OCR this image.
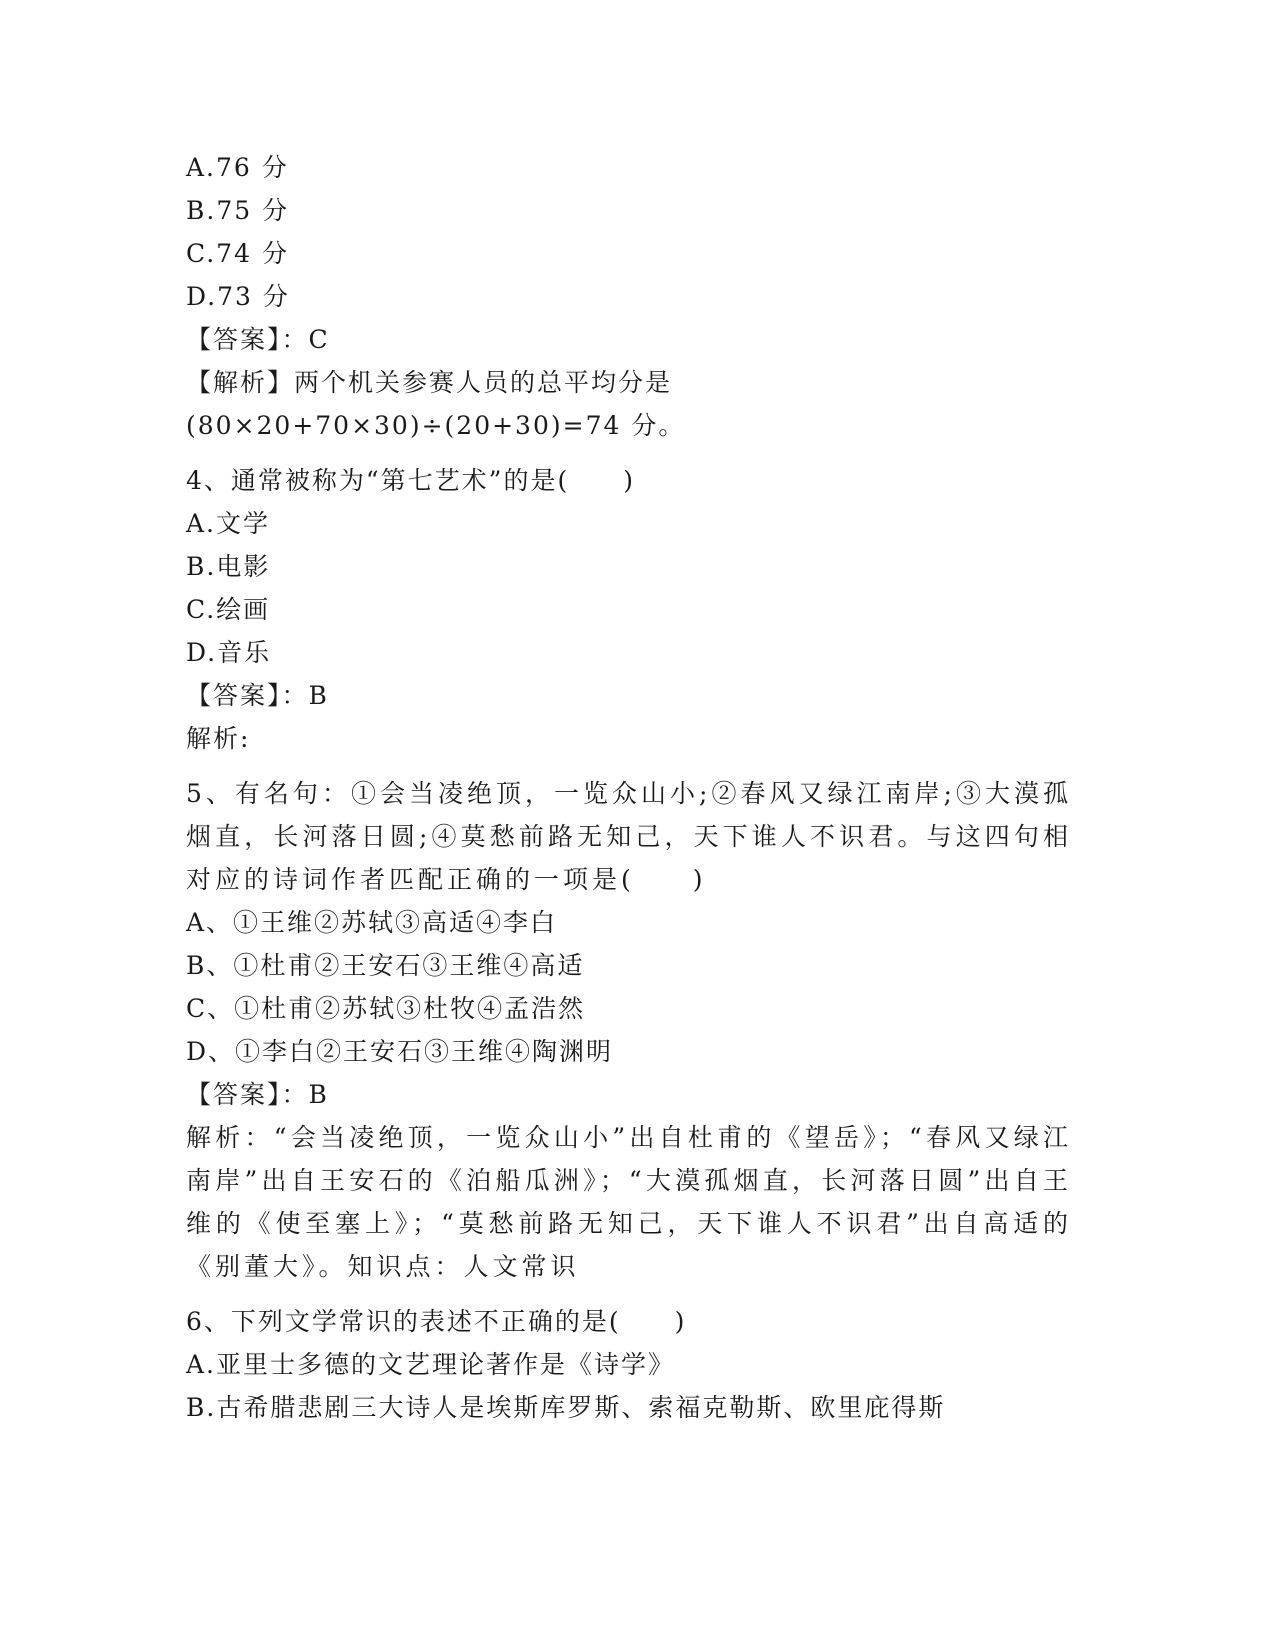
A.76 分
B.75 分
C.74 分
D.73 分
【答案】：C
【解析】两个机关参赛人员的总平均分是
(80×20+70×30)÷(20+30)=74 分。
4、通常被称为“第七艺术”的是(　　)
A.文学
B.电影
C.绘画
D.音乐
【答案】：B
解析:
5、有名句：①会当凌绝顶，一览众山小;②春风又绿江南岸;③大漠孤烟直，长河落日圆;④莫愁前路无知己，天下谁人不识君。与这四句相对应的诗词作者匹配正确的一项是(　　)
A、①王维②苏轼③高适④李白
B、①杜甫②王安石③王维④高适
C、①杜甫②苏轼③杜牧④孟浩然
D、①李白②王安石③王维④陶渊明
【答案】：B
解析：“会当凌绝顶，一览众山小”出自杜甫的《望岳》；“春风又绿江南岸”出自王安石的《泊船瓜洲》；“大漠孤烟直，长河落日圆”出自王维的《使至塞上》；“莫愁前路无知己，天下谁人不识君”出自高适的《别董大》。知识点：人文常识
6、下列文学常识的表述不正确的是(　　)
A.亚里士多德的文艺理论著作是《诗学》
B.古希腊悲剧三大诗人是埃斯库罗斯、索福克勒斯、欧里庇得斯
